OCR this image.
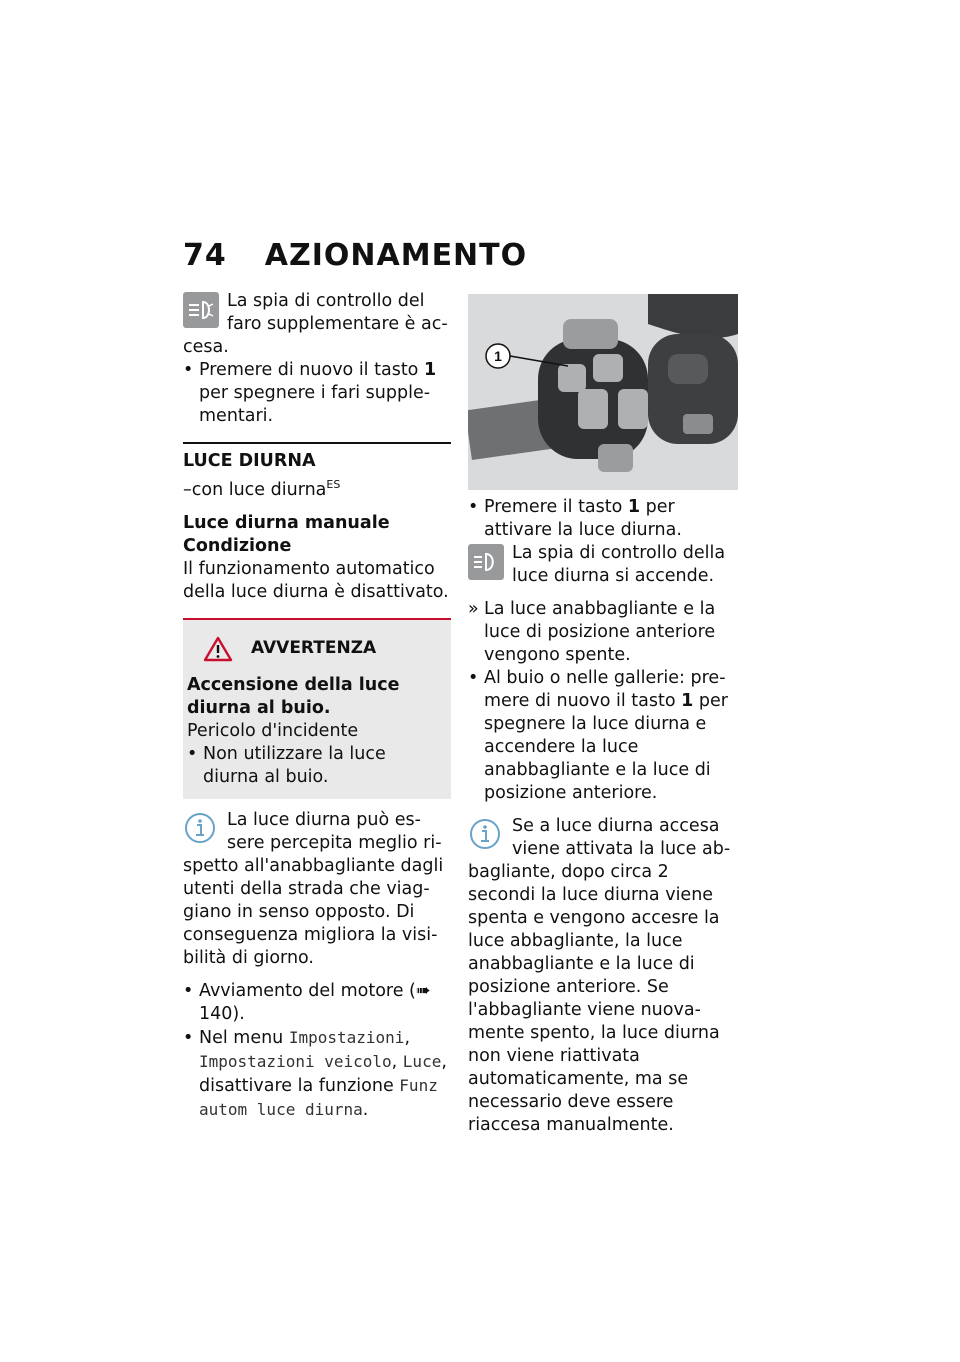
74 AZIONAMENTO

La spia di controllo del faro supplementare è accesa.

• Premere di nuovo il tasto 1 per spegnere i fari supplementari.

LUCE DIURNA

–con luce diurna$^{ES}$

Luce diurna manuale

Condizione

Il funzionamento automatico della luce diurna è disattivato.

AVVERTENZA

Accensione della luce diurna al buio.

Pericolo d'incidente

• Non utilizzare la luce diurna al buio.

La luce diurna può essere percepita meglio rispetto all'anabbagliante dagli utenti della strada che viaggiano in senso opposto. Di conseguenza migliora la visibilità di giorno.

• Avviamento del motore (➠ 140).

• Nel menu Impostazioni, Impostazioni veicolo, Luce, disattivare la funzione Funz autom luce diurna.

1

• Premere il tasto 1 per attivare la luce diurna.

La spia di controllo della luce diurna si accende.

» La luce anabbagliante e la luce di posizione anteriore vengono spente.

• Al buio o nelle gallerie: premere di nuovo il tasto 1 per spegnere la luce diurna e accendere la luce anabbagliante e la luce di posizione anteriore.

Se a luce diurna accesa viene attivata la luce abbagliante, dopo circa 2 secondi la luce diurna viene spenta e vengono accesre la luce abbagliante, la luce anabbagliante e la luce di posizione anteriore. Se l'abbagliante viene nuovamente spento, la luce diurna non viene riattivata automaticamente, ma se necessario deve essere riaccesa manualmente.
